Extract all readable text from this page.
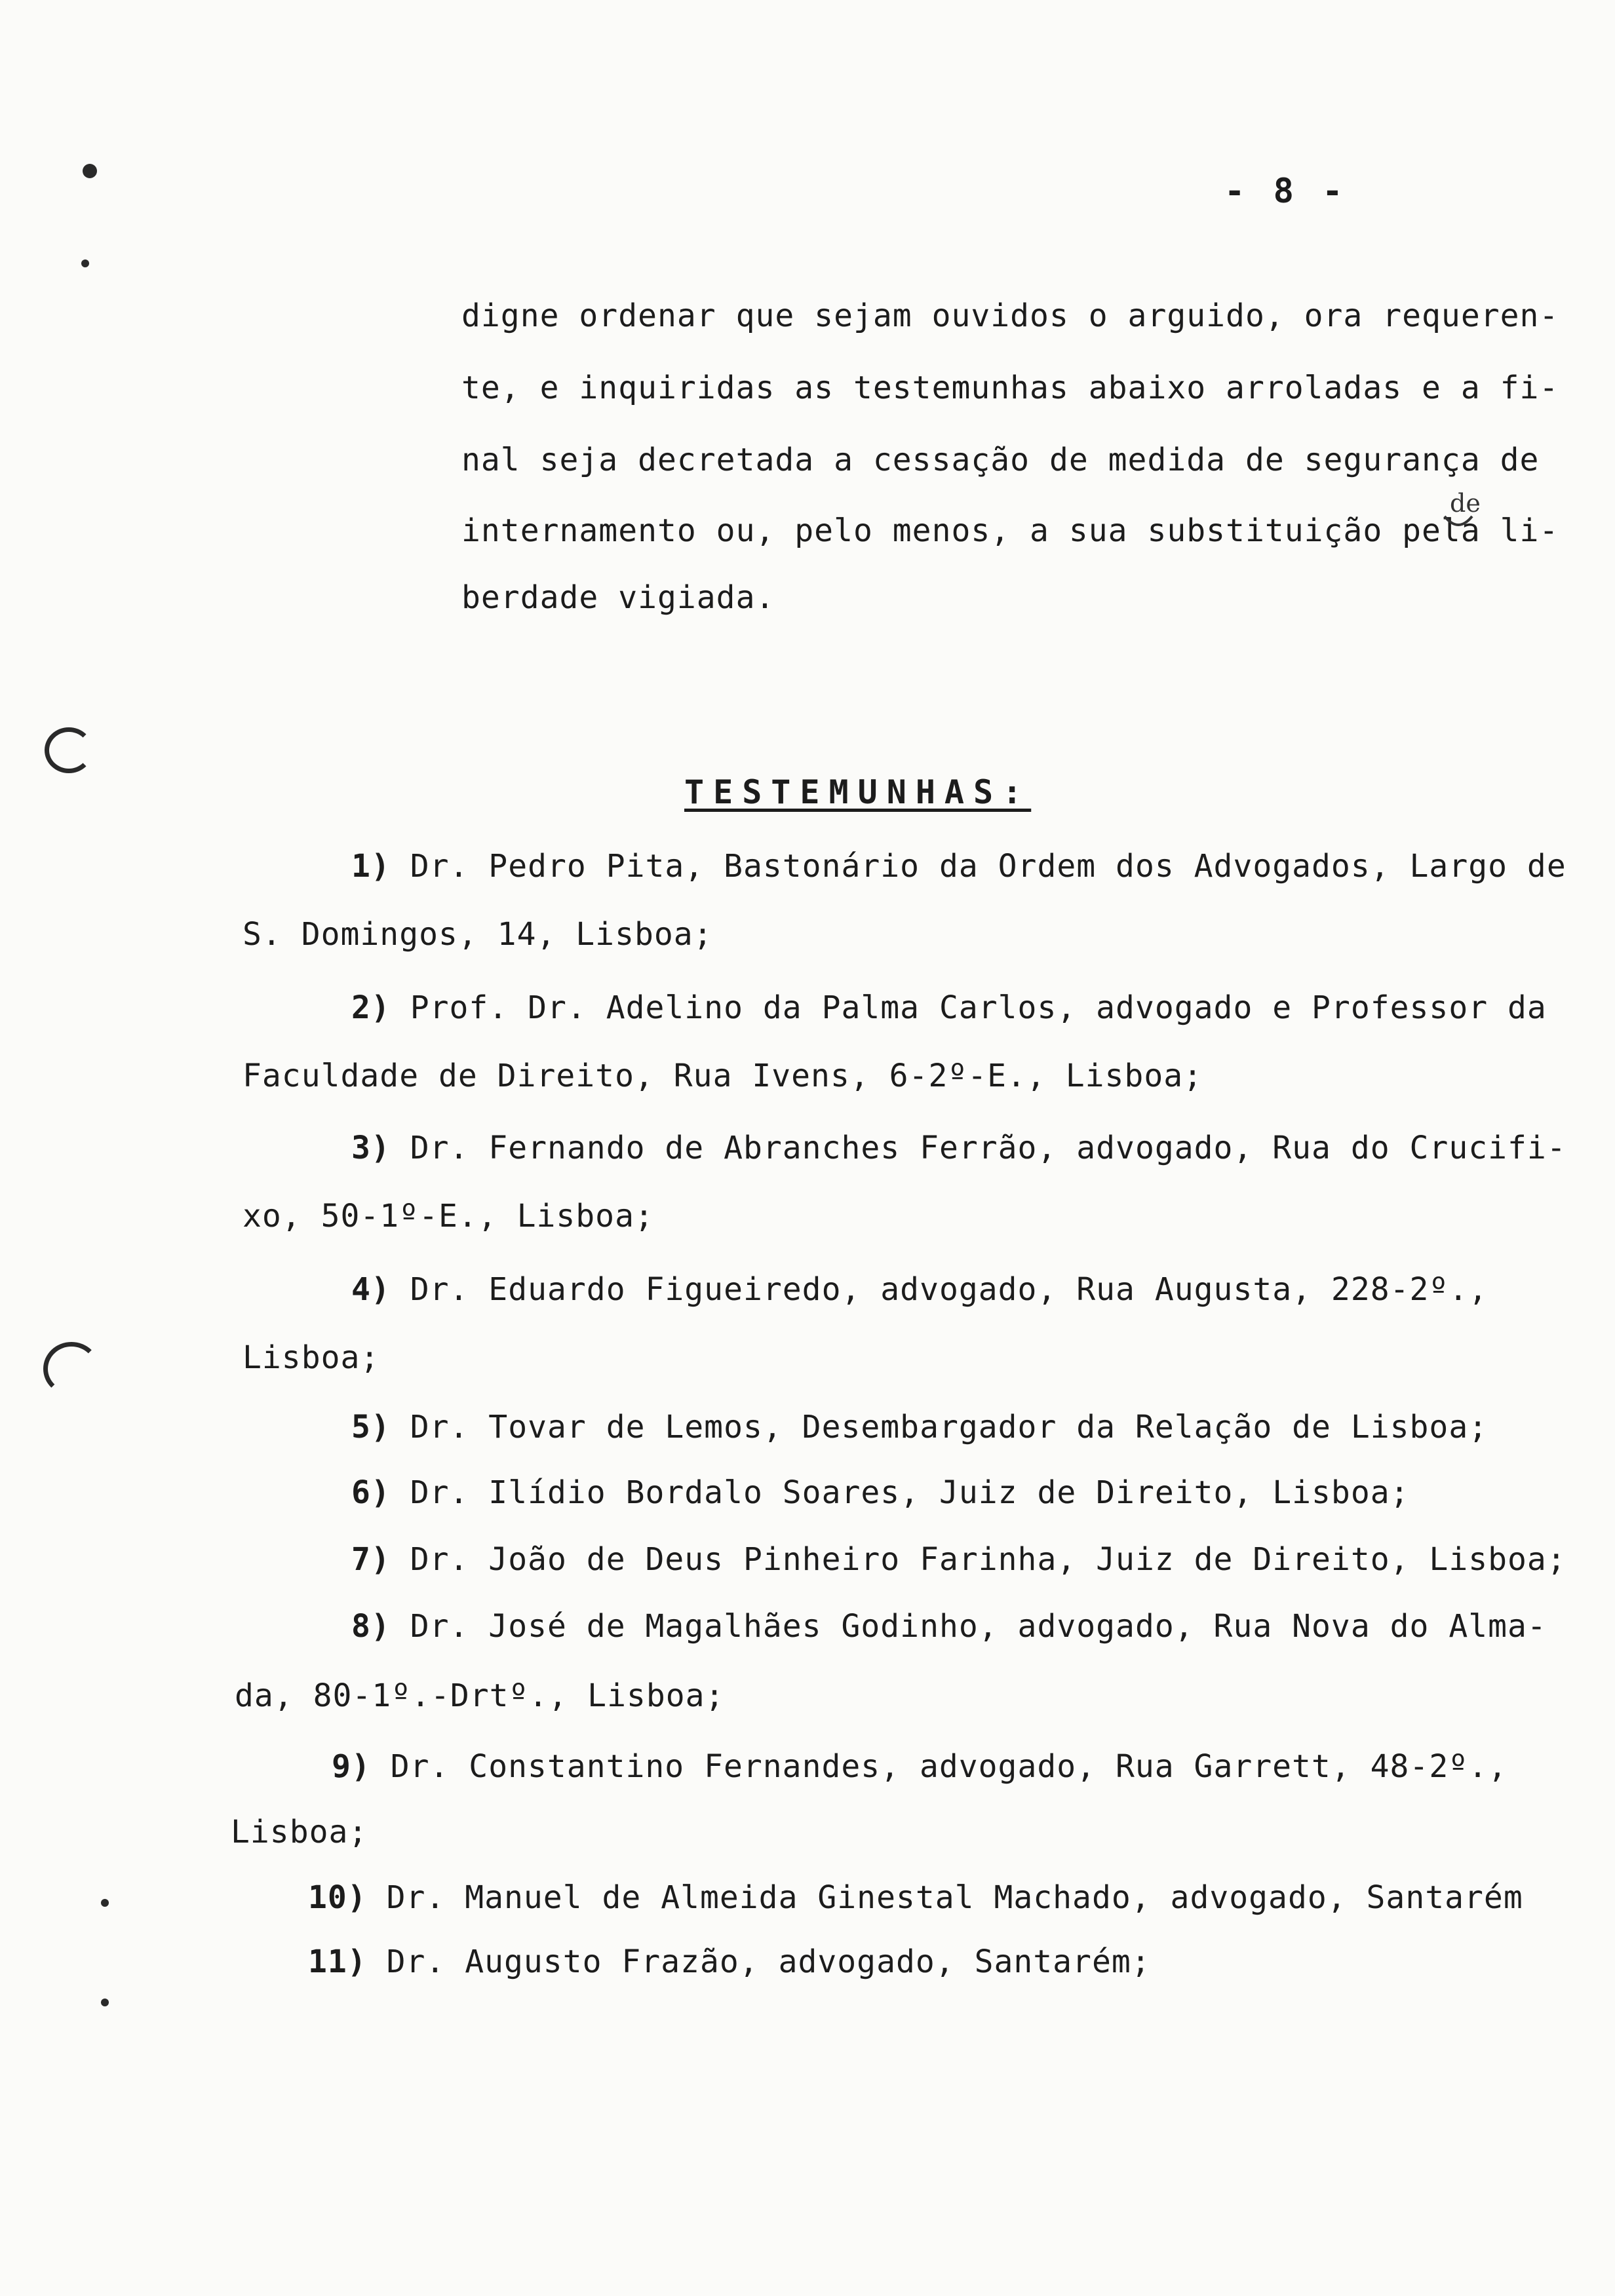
- 8 -
digne ordenar que sejam ouvidos o arguido, ora requeren-
te, e inquiridas as testemunhas abaixo arroladas e a fi-
nal seja decretada a cessação de medida de segurança de
internamento ou, pelo menos, a sua substituição pela li-
berdade vigiada.
de
TESTEMUNHAS:
1) Dr. Pedro Pita, Bastonário da Ordem dos Advogados, Largo de
S. Domingos, 14, Lisboa;
2) Prof. Dr. Adelino da Palma Carlos, advogado e Professor da
Faculdade de Direito, Rua Ivens, 6-2º-E., Lisboa;
3) Dr. Fernando de Abranches Ferrão, advogado, Rua do Crucifi-
xo, 50-1º-E., Lisboa;
4) Dr. Eduardo Figueiredo, advogado, Rua Augusta, 228-2º.,
Lisboa;
5) Dr. Tovar de Lemos, Desembargador da Relação de Lisboa;
6) Dr. Ilídio Bordalo Soares, Juiz de Direito, Lisboa;
7) Dr. João de Deus Pinheiro Farinha, Juiz de Direito, Lisboa;
8) Dr. José de Magalhães Godinho, advogado, Rua Nova do Alma-
da, 80-1º.-Drtº., Lisboa;
9) Dr. Constantino Fernandes, advogado, Rua Garrett, 48-2º.,
Lisboa;
10) Dr. Manuel de Almeida Ginestal Machado, advogado, Santarém
11) Dr. Augusto Frazão, advogado, Santarém;
